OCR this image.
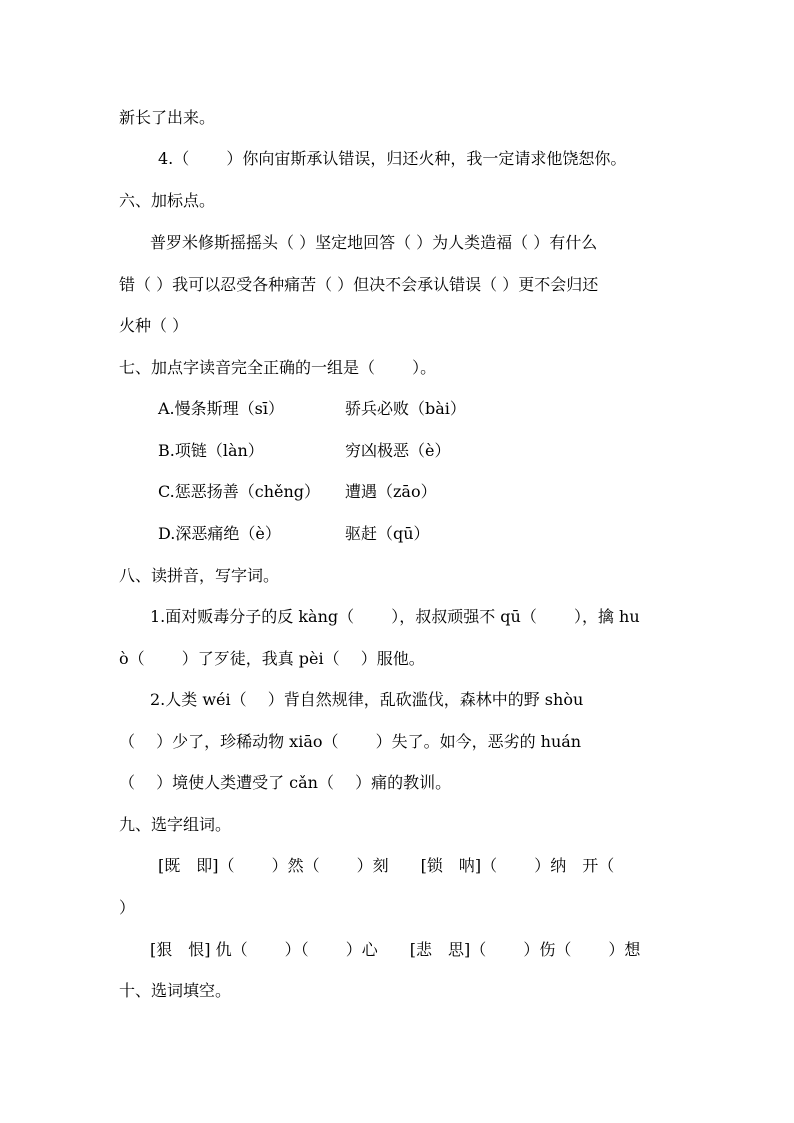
新长了出来。
4.（　　 ）你向宙斯承认错误，归还火种，我一定请求他饶恕你。
六、加标点。
普罗米修斯摇摇头（ ）坚定地回答（ ）为人类造福（ ）有什么
错（ ）我可以忍受各种痛苦（ ）但决不会承认错误（ ）更不会归还
火种（ ）
七、加点字读音完全正确的一组是（　　 ）。
A.慢条斯理（sī）	骄兵必败（bài）
B.项链（làn）	穷凶极恶（è）
C.惩恶扬善（chěng） 遭遇（zāo）
D.深恶痛绝（è）	驱赶（qū）
八、读拼音，写字词。
1.面对贩毒分子的反 kàng（　　 ），叔叔顽强不 qū（　　 ），擒 hu
ò（　　 ）了歹徒，我真 pèi（　 ）服他。
2.人类 wéi（　 ）背自然规律，乱砍滥伐，森林中的野 shòu
（　 ）少了，珍稀动物 xiāo（　　 ）失了。如今，恶劣的 huán
（　 ）境使人类遭受了 cǎn（　 ）痛的教训。
九、选字组词。
[既　即]（　　 ）然（　　 ）刻　　[锁　呐]（　　 ）纳　开（
）
[狠　恨] 仇（　　 ）（　　 ）心　　[悲　思]（　　 ）伤（　　 ）想
十、选词填空。
